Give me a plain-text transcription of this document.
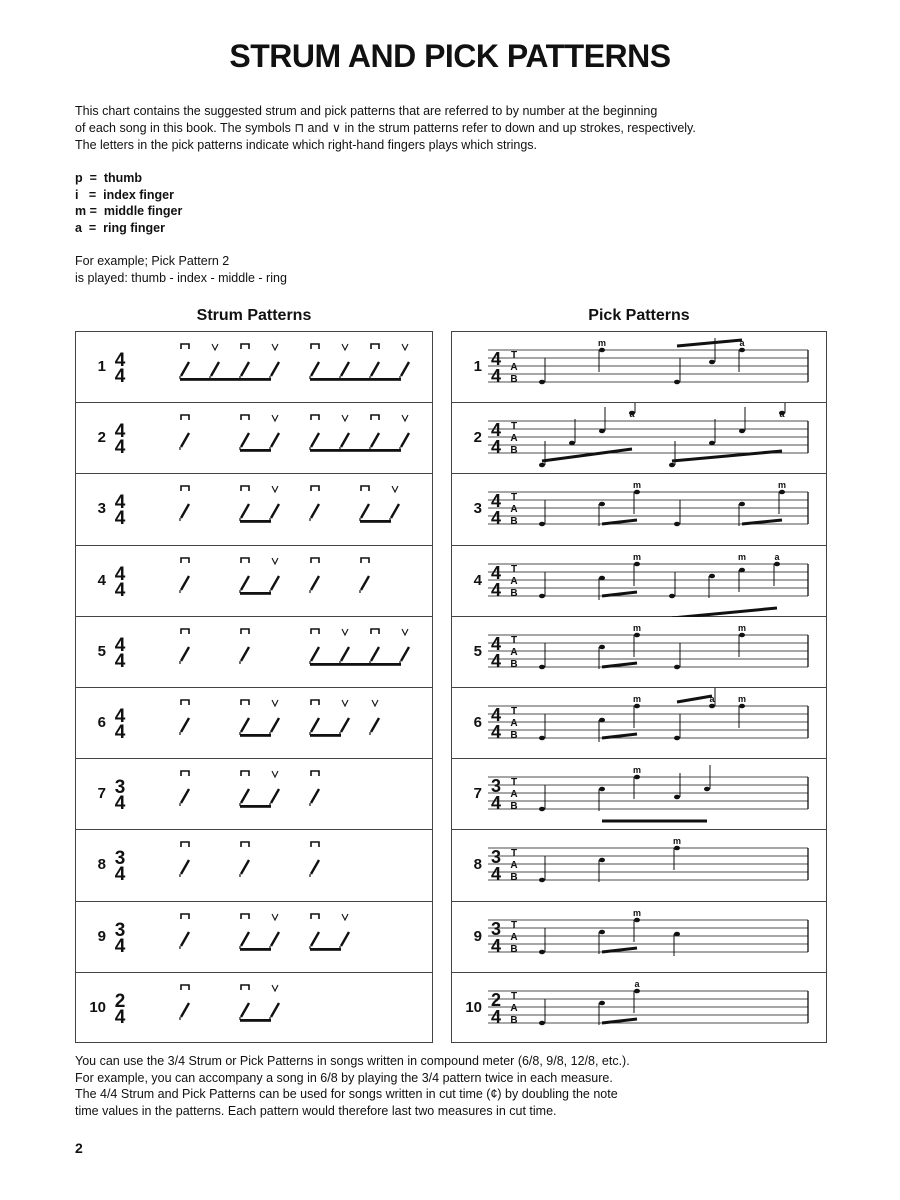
STRUM AND PICK PATTERNS

This chart contains the suggested strum and pick patterns that are referred to by number at the beginning

of each song in this book. The symbols ⊓ and ∨ in the strum patterns refer to down and up strokes, respectively.

The letters in the pick patterns indicate which right-hand fingers plays which strings.

p  =  thumb
i   =  index finger
m =  middle finger
a  =  ring finger
For example; Pick Pattern 2
is played: thumb - index - middle - ring
Strum Patterns	Pick Patterns
1 4
4
2 4
4
3 4
4
4 4
4
5 4
4
6 4
4
7 3
4
8 3
4
9 3
4
10 2
4
1 4
4
T
A
B
m	a
2 4
4
T
A
B
a	a
3 4
4
T
A
B
m	m
4 4
4
T
A
B
m	m	a
5 4
4
T
A
B
m	m
6 4
4
T
A
B
m	a	m
7 3
4
T
A
B
m
8 3
4
T
A
B
m
9 3
4
T
A
B
m
10 2
4
T
A
B
a

You can use the 3/4 Strum or Pick Patterns in songs written in compound meter (6/8, 9/8, 12/8, etc.).

For example, you can accompany a song in 6/8 by playing the 3/4 pattern twice in each measure.

The 4/4 Strum and Pick Patterns can be used for songs written in cut time (¢) by doubling the note

time values in the patterns. Each pattern would therefore last two measures in cut time.

2
